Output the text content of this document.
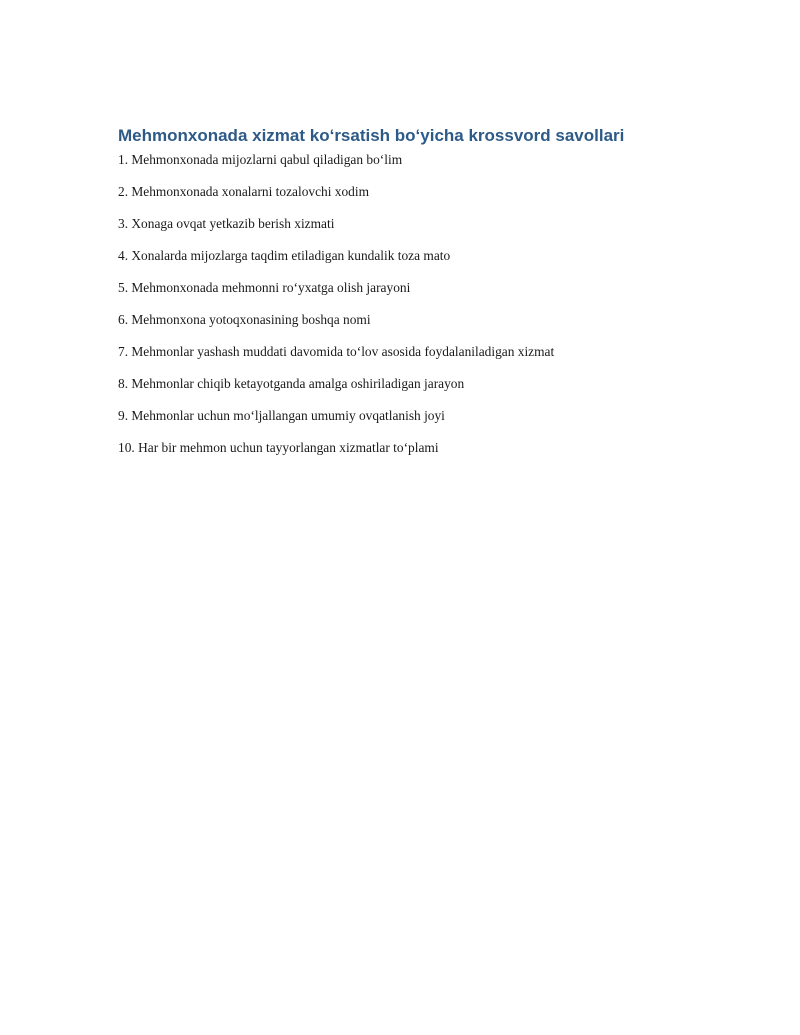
Mehmonxonada xizmat ko‘rsatish bo‘yicha krossvord savollari
1. Mehmonxonada mijozlarni qabul qiladigan bo‘lim
2. Mehmonxonada xonalarni tozalovchi xodim
3. Xonaga ovqat yetkazib berish xizmati
4. Xonalarda mijozlarga taqdim etiladigan kundalik toza mato
5. Mehmonxonada mehmonni ro‘yxatga olish jarayoni
6. Mehmonxona yotoqxonasining boshqa nomi
7. Mehmonlar yashash muddati davomida to‘lov asosida foydalaniladigan xizmat
8. Mehmonlar chiqib ketayotganda amalga oshiriladigan jarayon
9. Mehmonlar uchun mo‘ljallangan umumiy ovqatlanish joyi
10. Har bir mehmon uchun tayyorlangan xizmatlar to‘plami
